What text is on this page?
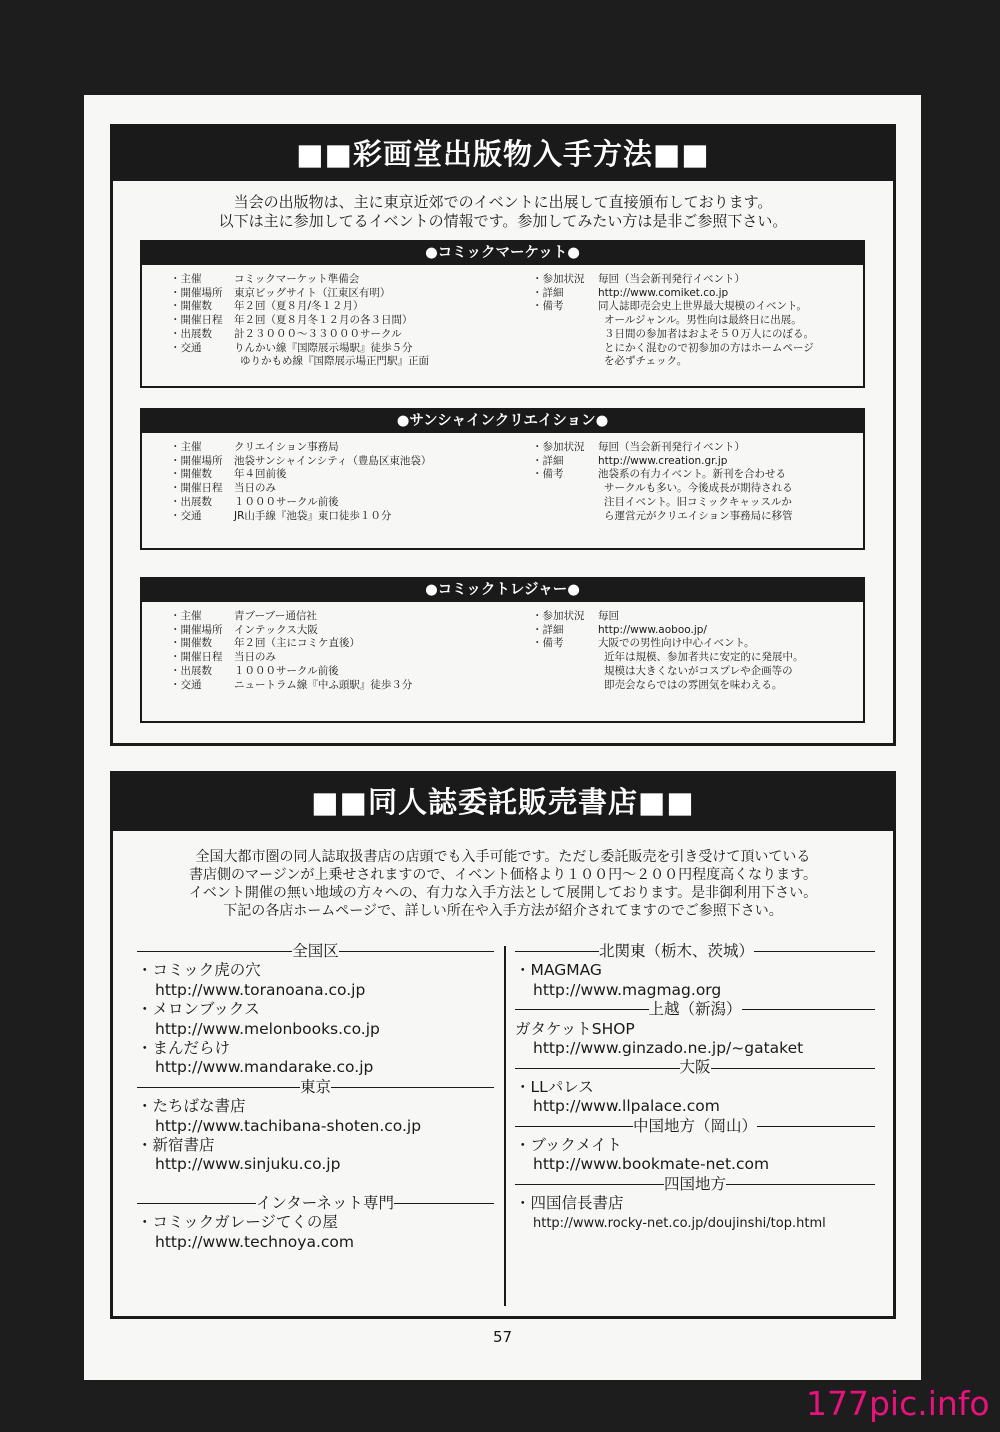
■■彩画堂出版物入手方法■■
当会の出版物は、主に東京近郊でのイベントに出展して直接頒布しております。
以下は主に参加してるイベントの情報です。参加してみたい方は是非ご参照下さい。
●コミックマーケット●
・主催	コミックマーケット準備会
・開催場所	東京ビッグサイト（江東区有明）
・開催数	年２回（夏８月/冬１２月）
・開催日程	年２回（夏８月冬１２月の各３日間）
・出展数	計２３０００～３３０００サークル
・交通	りんかい線『国際展示場駅』徒歩５分
ゆりかもめ線『国際展示場正門駅』正面
・参加状況	毎回（当会新刊発行イベント）
・詳細	http://www.comiket.co.jp
・備考	同人誌即売会史上世界最大規模のイベント。
オールジャンル。男性向は最終日に出展。
３日間の参加者はおよそ５０万人にのぼる。
とにかく混むので初参加の方はホームページ
を必ずチェック。
●サンシャインクリエイション●
・主催	クリエイション事務局
・開催場所	池袋サンシャインシティ（豊島区東池袋）
・開催数	年４回前後
・開催日程	当日のみ
・出展数	１０００サークル前後
・交通	JR山手線『池袋』東口徒歩１０分
・参加状況	毎回（当会新刊発行イベント）
・詳細	http://www.creation.gr.jp
・備考	池袋系の有力イベント。新刊を合わせる
サークルも多い。今後成長が期待される
注目イベント。旧コミックキャッスルか
ら運営元がクリエイション事務局に移管
●コミックトレジャー●
・主催	青ブーブー通信社
・開催場所	インテックス大阪
・開催数	年２回（主にコミケ直後）
・開催日程	当日のみ
・出展数	１０００サークル前後
・交通	ニュートラム線『中ふ頭駅』徒歩３分
・参加状況	毎回
・詳細	http://www.aoboo.jp/
・備考	大阪での男性向け中心イベント。
近年は規模、参加者共に安定的に発展中。
規模は大きくないがコスプレや企画等の
即売会ならではの雰囲気を味わえる。
■■同人誌委託販売書店■■
全国大都市圏の同人誌取扱書店の店頭でも入手可能です。ただし委託販売を引き受けて頂いている
書店側のマージンが上乗せされますので、イベント価格より１００円～２００円程度高くなります。
イベント開催の無い地域の方々への、有力な入手方法として展開しております。是非御利用下さい。
下記の各店ホームページで、詳しい所在や入手方法が紹介されてますのでご参照下さい。
全国区
・コミック虎の穴
http://www.toranoana.co.jp
・メロンブックス
http://www.melonbooks.co.jp
・まんだらけ
http://www.mandarake.co.jp
東京
・たちばな書店
http://www.tachibana-shoten.co.jp
・新宿書店
http://www.sinjuku.co.jp
インターネット専門
・コミックガレージてくの屋
http://www.technoya.com
北関東（栃木、茨城）
・MAGMAG
http://www.magmag.org
上越（新潟）
ガタケットSHOP
http://www.ginzado.ne.jp/~gataket
大阪
・LLパレス
http://www.llpalace.com
中国地方（岡山）
・ブックメイト
http://www.bookmate-net.com
四国地方
・四国信長書店
http://www.rocky-net.co.jp/doujinshi/top.html
57
177pic.info
